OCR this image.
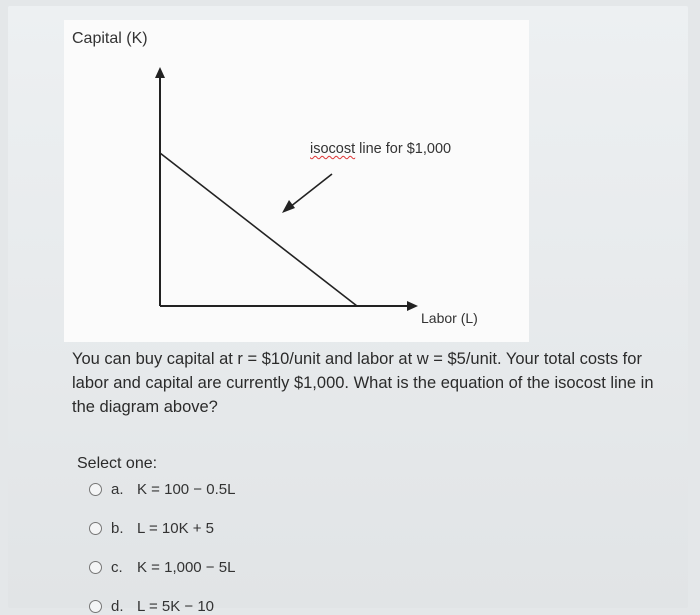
Capital (K)
isocost line for $1,000
Labor (L)
You can buy capital at r = $10/unit and labor at w = $5/unit. Your total costs for labor and capital are currently $1,000. What is the equation of the isocost line in the diagram above?
Select one:
a. K = 100 − 0.5L
b. L = 10K + 5
c. K = 1,000 − 5L
d. L = 5K − 10
